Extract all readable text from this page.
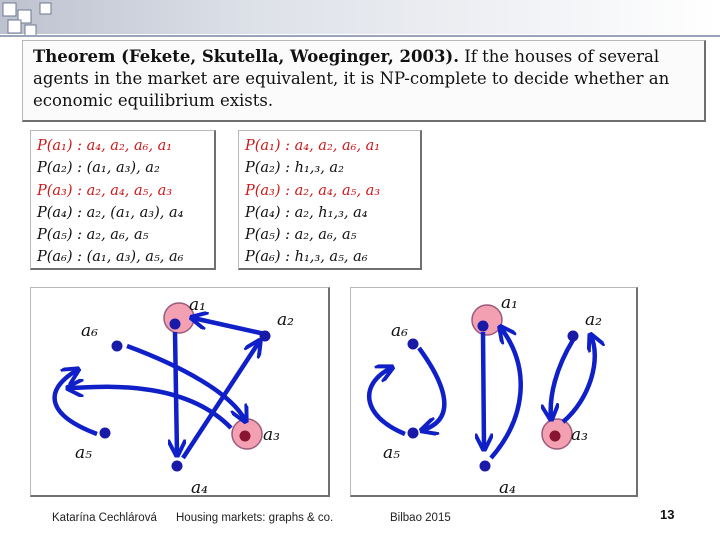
Theorem (Fekete, Skutella, Woeginger, 2003). If the houses of several agents in the market are equivalent, it is NP-complete to decide whether an economic equilibrium exists.
P(a₁) : a₄, a₂, a₆, a₁
P(a₂) : (a₁, a₃), a₂
P(a₃) : a₂, a₄, a₅, a₃
P(a₄) : a₂, (a₁, a₃), a₄
P(a₅) : a₂, a₆, a₅
P(a₆) : (a₁, a₃), a₅, a₆
P(a₁) : a₄, a₂, a₆, a₁
P(a₂) : h₁,₃, a₂
P(a₃) : a₂, a₄, a₅, a₃
P(a₄) : a₂, h₁,₃, a₄
P(a₅) : a₂, a₆, a₅
P(a₆) : h₁,₃, a₅, a₆
a₁
a₂
a₃
a₄
a₅
a₆
a₁
a₂
a₃
a₄
a₅
a₆
Katarína Cechlárová Housing markets: graphs & co.	Bilbao 2015	13
